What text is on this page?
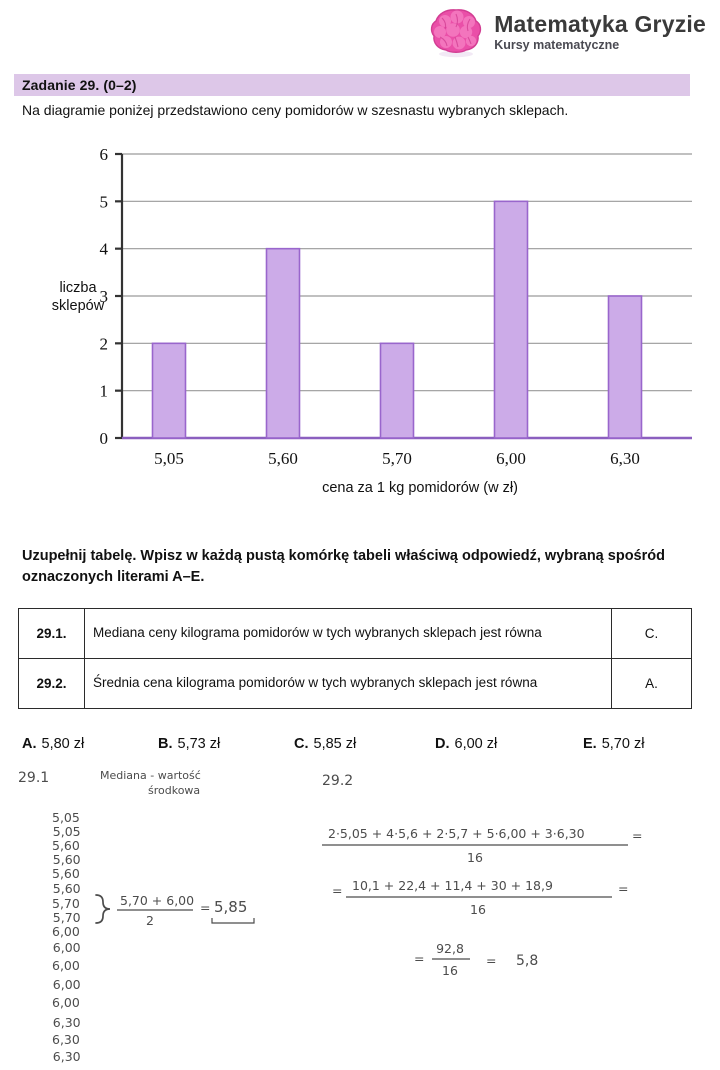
Matematyka Gryzie
Kursy matematyczne
Zadanie 29. (0–2)
Na diagramie poniżej przedstawiono ceny pomidorów w szesnastu wybranych sklepach.
0
1
2
3
4
5
6
5,05	5,60	5,70	6,00	6,30
liczba
sklepów
cena za 1 kg pomidorów (w zł)
Uzupełnij tabelę. Wpisz w każdą pustą komórkę tabeli właściwą odpowiedź, wybraną spośród oznaczonych literami A–E.
29.1.	Mediana ceny kilograma pomidorów w tych wybranych sklepach jest równa	C.
29.2.	Średnia cena kilograma pomidorów w tych wybranych sklepach jest równa	A.
A. 5,80 zł	B. 5,73 zł	C. 5,85 zł	D. 6,00 zł	E. 5,70 zł
29.1	Mediana - wartość
środkowa
5,05
5,05
5,60
5,60
5,60
5,60
5,70
5,70
6,00
6,00
6,00
6,00
6,00
6,30
6,30
6,30
5,70 + 6,00
2
= 5,85
29.2
2·5,05 + 4·5,6 + 2·5,7 + 5·6,00 + 3·6,30
16
=
= 10,1 + 22,4 + 11,4 + 30 + 18,9
16
=
=
92,8
16
= 5,8
